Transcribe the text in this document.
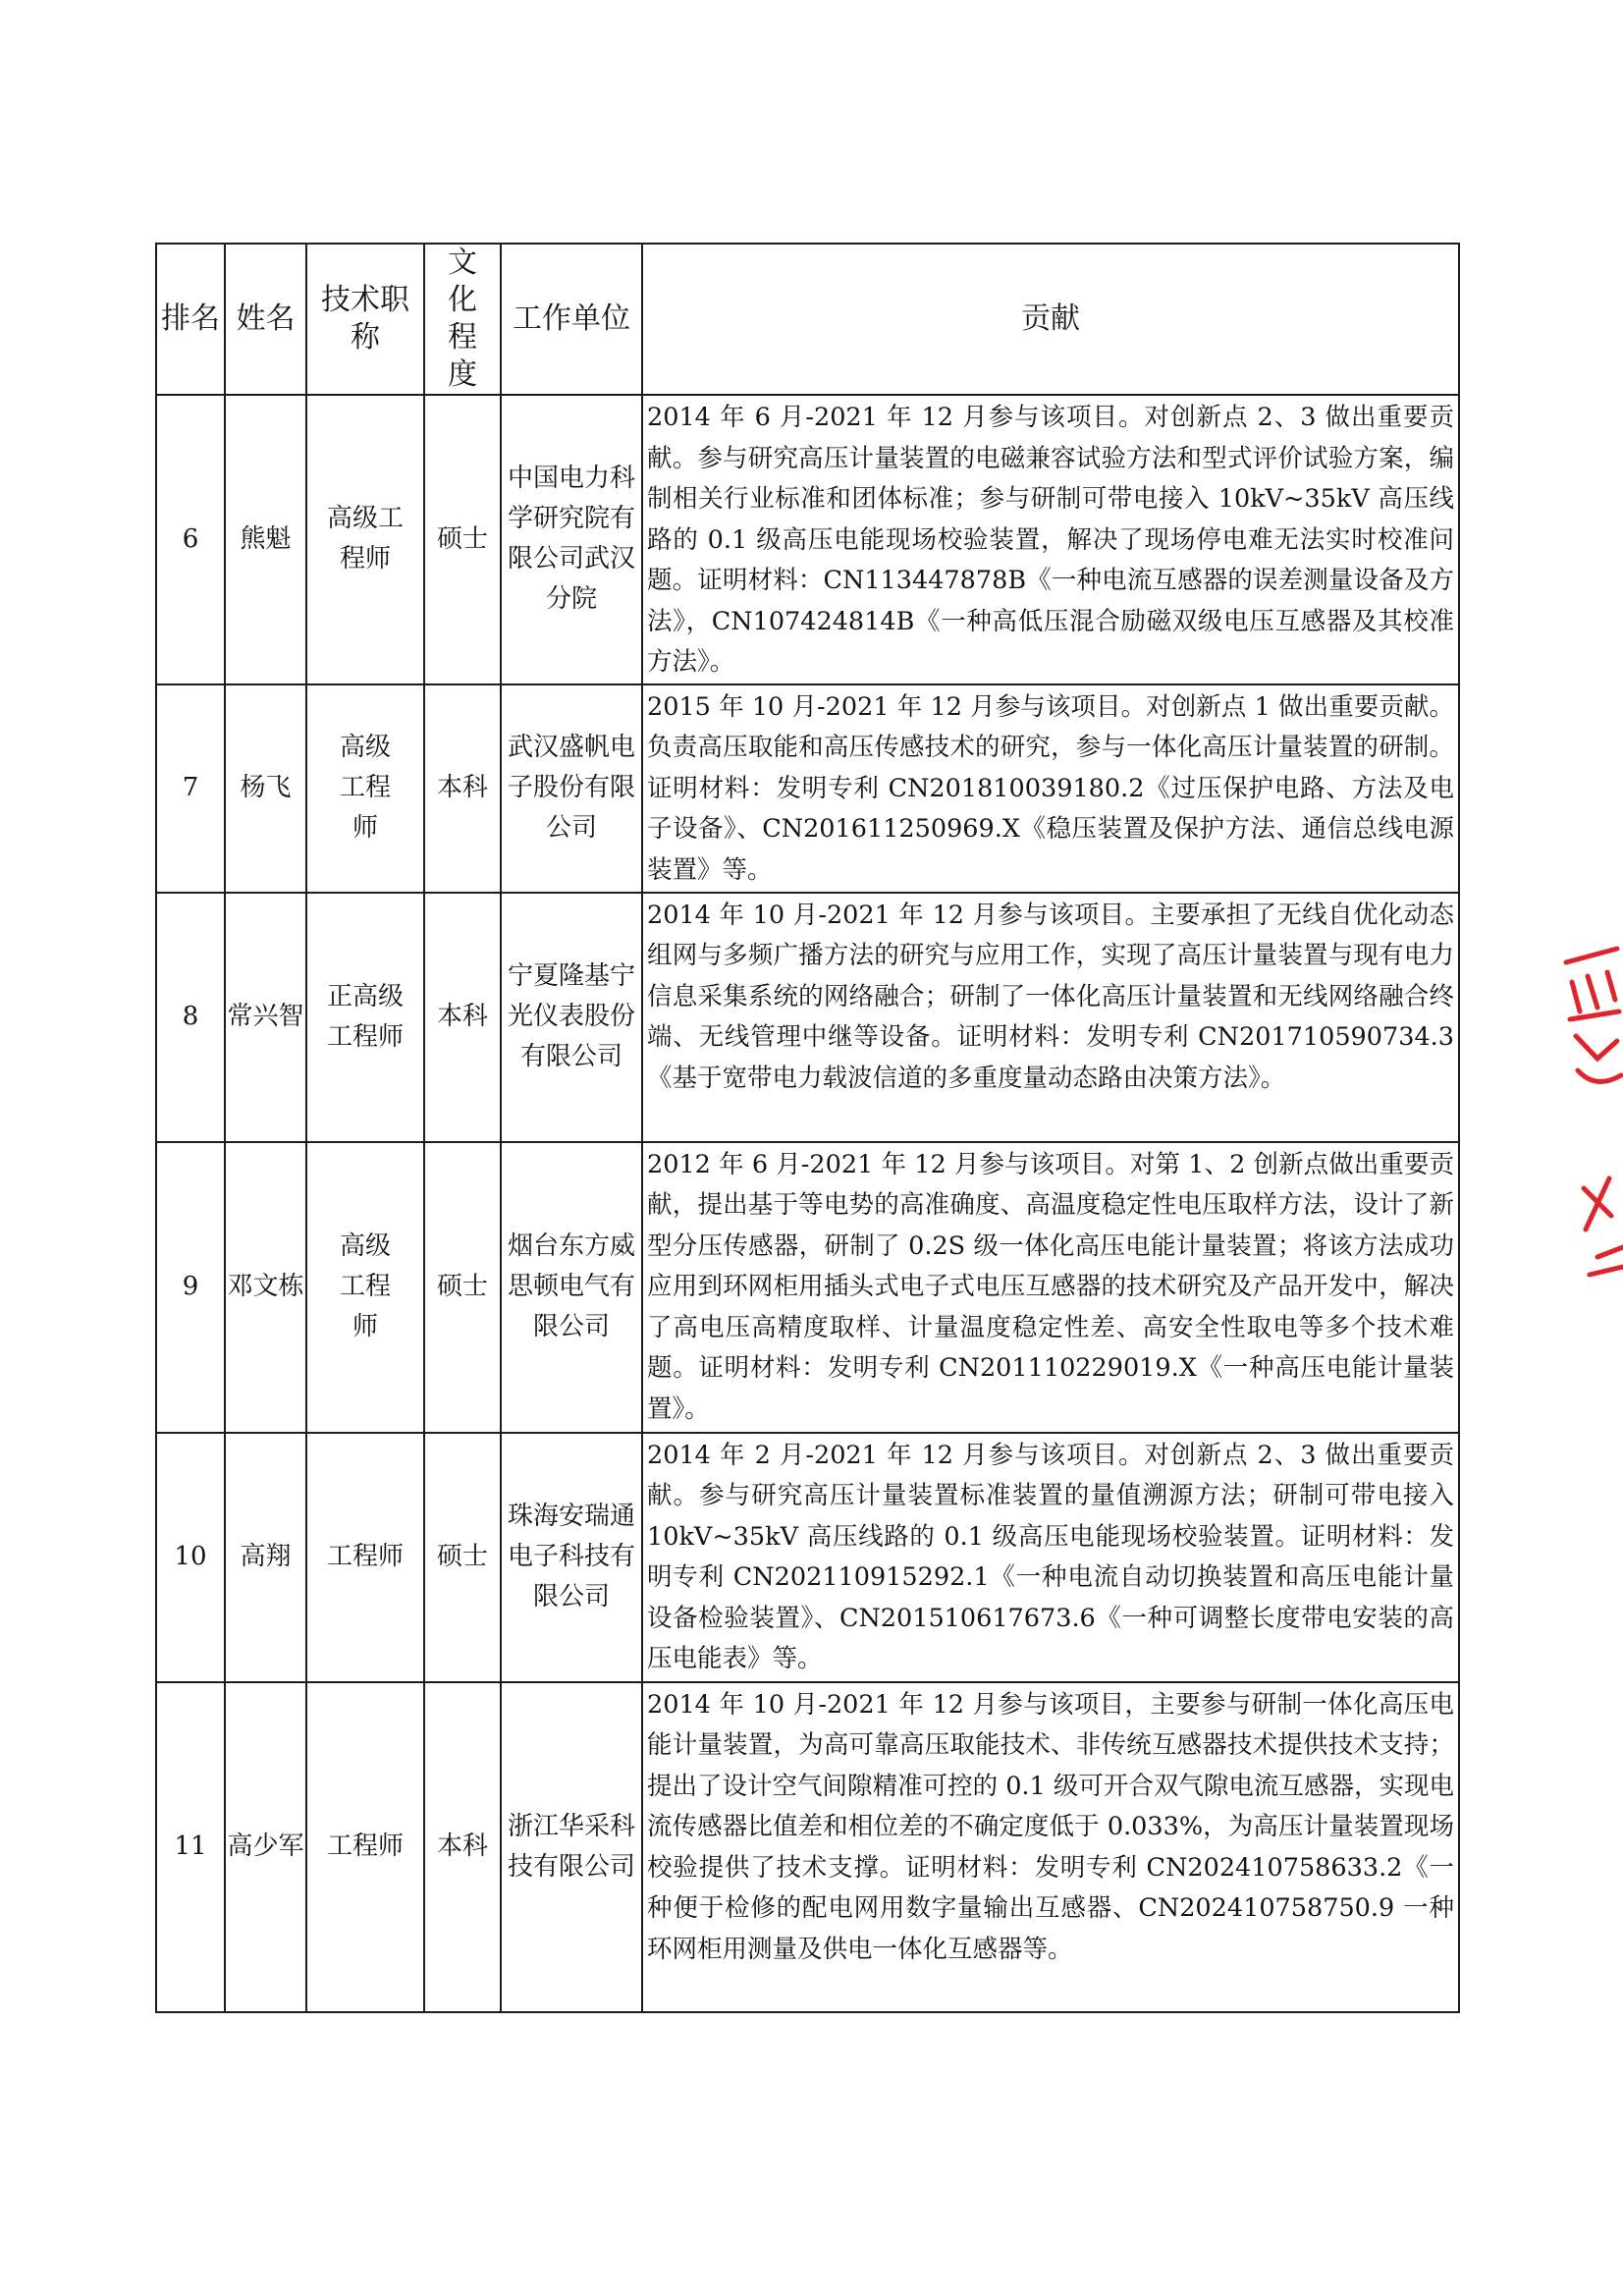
排名	姓名	技术职称	文化程度	工作单位	贡献
6	熊魁	高级工程师	硕士	中国电力科学研究院有限公司武汉分院	2014 年 6 月-2021 年 12 月参与该项目。对创新点 2、3 做出重要贡献。参与研究高压计量装置的电磁兼容试验方法和型式评价试验方案，编制相关行业标准和团体标准；参与研制可带电接入 10kV~35kV 高压线路的 0.1 级高压电能现场校验装置，解决了现场停电难无法实时校准问题。证明材料：CN113447878B《一种电流互感器的误差测量设备及方法》，CN107424814B《一种高低压混合励磁双级电压互感器及其校准方法》。
7	杨飞	高级工程师	本科	武汉盛帆电子股份有限公司	2015 年 10 月-2021 年 12 月参与该项目。对创新点 1 做出重要贡献。负责高压取能和高压传感技术的研究，参与一体化高压计量装置的研制。证明材料：发明专利 CN201810039180.2《过压保护电路、方法及电子设备》、CN201611250969.X《稳压装置及保护方法、通信总线电源装置》等。
8	常兴智	正高级工程师	本科	宁夏隆基宁光仪表股份有限公司	2014 年 10 月-2021 年 12 月参与该项目。主要承担了无线自优化动态组网与多频广播方法的研究与应用工作，实现了高压计量装置与现有电力信息采集系统的网络融合；研制了一体化高压计量装置和无线网络融合终端、无线管理中继等设备。证明材料：发明专利 CN201710590734.3《基于宽带电力载波信道的多重度量动态路由决策方法》。
9	邓文栋	高级工程师	硕士	烟台东方威思顿电气有限公司	2012 年 6 月-2021 年 12 月参与该项目。对第 1、2 创新点做出重要贡献，提出基于等电势的高准确度、高温度稳定性电压取样方法，设计了新型分压传感器，研制了 0.2S 级一体化高压电能计量装置；将该方法成功应用到环网柜用插头式电子式电压互感器的技术研究及产品开发中，解决了高电压高精度取样、计量温度稳定性差、高安全性取电等多个技术难题。证明材料：发明专利 CN201110229019.X《一种高压电能计量装置》。
10	高翔	工程师	硕士	珠海安瑞通电子科技有限公司	2014 年 2 月-2021 年 12 月参与该项目。对创新点 2、3 做出重要贡献。参与研究高压计量装置标准装置的量值溯源方法；研制可带电接入 10kV~35kV 高压线路的 0.1 级高压电能现场校验装置。证明材料：发明专利 CN202110915292.1《一种电流自动切换装置和高压电能计量设备检验装置》、CN201510617673.6《一种可调整长度带电安装的高压电能表》等。
11	高少军	工程师	本科	浙江华采科技有限公司	2014 年 10 月-2021 年 12 月参与该项目，主要参与研制一体化高压电能计量装置，为高可靠高压取能技术、非传统互感器技术提供技术支持；提出了设计空气间隙精准可控的 0.1 级可开合双气隙电流互感器，实现电流传感器比值差和相位差的不确定度低于 0.033%，为高压计量装置现场校验提供了技术支撑。证明材料：发明专利 CN202410758633.2《一种便于检修的配电网用数字量输出互感器、CN202410758750.9 一种环网柜用测量及供电一体化互感器等。
